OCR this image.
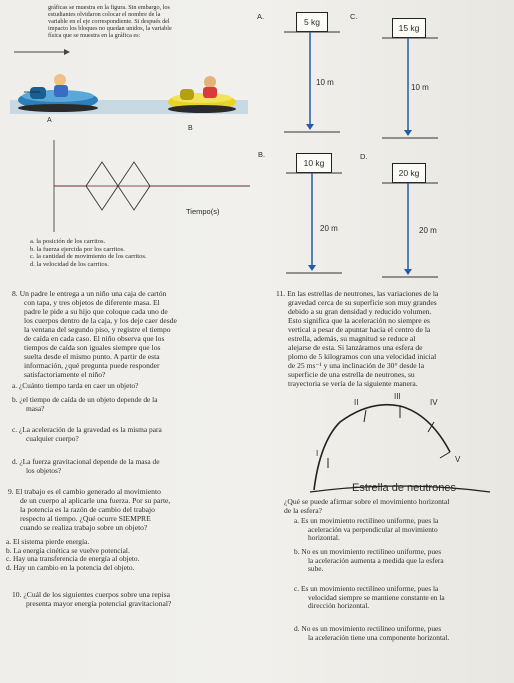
gráficas se muestra en la figura. Sin embargo, los
estudiantes olvidaron colocar el nombre de la
variable en el eje correspondiente. Si después del
impacto los bloques no quedan unidos, la variable
física que se muestra en la gráfica es:
A
B
Tiempo(s)
a. la posición de los carritos.
b. la fuerza ejercida por los carritos.
c. la cantidad de movimiento de los carritos.
d. la velocidad de los carritos.
A.	C.
5 kg
15 kg
10 m
10 m
B.	D.
10 kg
20 kg
20 m	20 m
8. Un padre le entrega a un niño una caja de cartón
con tapa, y tres objetos de diferente masa. El
padre le pide a su hijo que coloque cada uno de
los cuerpos dentro de la caja, y los deje caer desde
la ventana del segundo piso, y registre el tiempo
de caída en cada caso. El niño observa que los
tiempos de caída son iguales siempre que los
suelta desde el mismo punto. A partir de esta
información, ¿qué pregunta puede responder
satisfactoriamente el niño?
a. ¿Cuánto tiempo tarda en caer un objeto?
b. ¿el tiempo de caída de un objeto depende de la
masa?
c. ¿La aceleración de la gravedad es la misma para
cualquier cuerpo?
d. ¿La fuerza gravitacional depende de la masa de
los objetos?
9. El trabajo es el cambio generado al movimiento
de un cuerpo al aplicarle una fuerza. Por su parte,
la potencia es la razón de cambio del trabajo
respecto al tiempo. ¿Qué ocurre SIEMPRE
cuando se realiza trabajo sobre un objeto?
a. El sistema pierde energía.
b. La energía cinética se vuelve potencial.
c. Hay una transferencia de energía al objeto.
d. Hay un cambio en la potencia del objeto.
10. ¿Cuál de los siguientes cuerpos sobre una repisa
presenta mayor energía potencial gravitacional?
11. En las estrellas de neutrones, las variaciones de la
gravedad cerca de su superficie son muy grandes
debido a su gran densidad y reducido volumen.
Esto significa que la aceleración no siempre es
vertical a pesar de apuntar hacia el centro de la
estrella, además, su magnitud se reduce al
alejarse de esta. Si lanzáramos una esfera de
plomo de 5 kilogramos con una velocidad inicial
de 25 ms⁻¹ y una inclinación de 30° desde la
superficie de una estrella de neutrones, su
trayectoria se vería de la siguiente manera.
I
II
III
IV
V
Estrella de neutrones
¿Qué se puede afirmar sobre el movimiento horizontal
de la esfera?
a. Es un movimiento rectilíneo uniforme, pues la
aceleración va perpendicular al movimiento
horizontal.
b. No es un movimiento rectilíneo uniforme, pues
la aceleración aumenta a medida que la esfera
sube.
c. Es un movimiento rectilíneo uniforme, pues la
velocidad siempre se mantiene constante en la
dirección horizontal.
d. No es un movimiento rectilíneo uniforme, pues
la aceleración tiene una componente horizontal.
